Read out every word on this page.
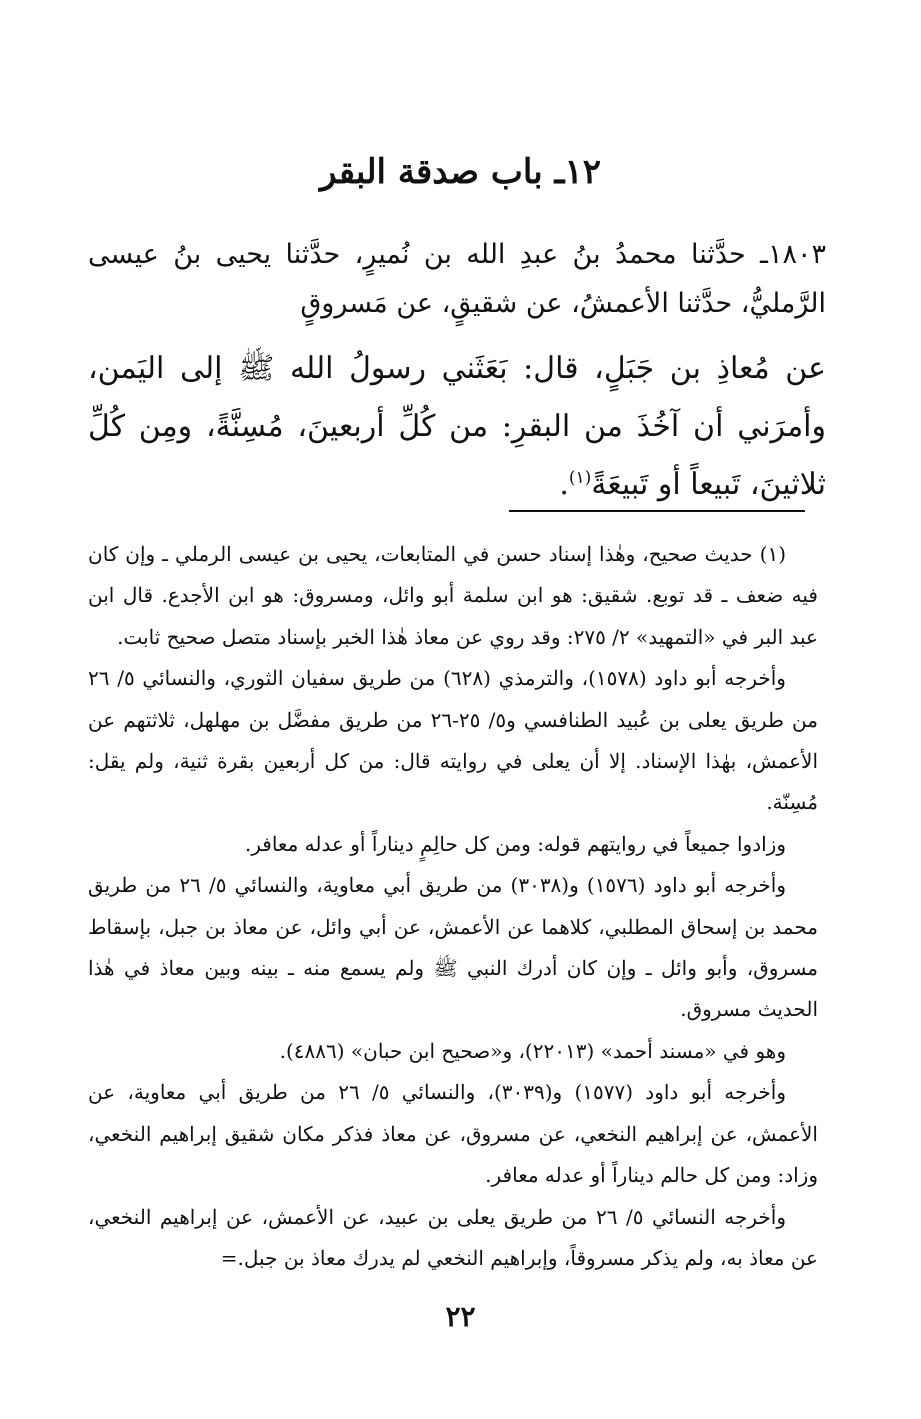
١٢ـ باب صدقة البقر

١٨٠٣ـ حدَّثنا محمدُ بنُ عبدِ الله بن نُميرٍ، حدَّثنا يحيى بنُ عيسى الرَّمليُّ، حدَّثنا الأعمشُ، عن شقيقٍ، عن مَسروقٍ

عن مُعاذِ بن جَبَلٍ، قال: بَعَثَني رسولُ الله ﷺ إلى اليَمن، وأمرَني أن آخُذَ من البقرِ: من كُلِّ أربعينَ، مُسِنَّةً، ومِن كُلِّ ثلاثينَ، تَبيعاً أو تَبيعَةً$^{(١)}$.

(١) حديث صحيح، وهٰذا إسناد حسن في المتابعات، يحيى بن عيسى الرملي ـ وإن كان فيه ضعف ـ قد توبع. شقيق: هو ابن سلمة أبو وائل، ومسروق: هو ابن الأجدع. قال ابن عبد البر في «التمهيد» ٢/ ٢٧٥: وقد روي عن معاذ هٰذا الخبر بإسناد متصل صحيح ثابت.

وأخرجه أبو داود (١٥٧٨)، والترمذي (٦٢٨) من طريق سفيان الثوري، والنسائي ٥/ ٢٦ من طريق يعلى بن عُبيد الطنافسي و٥/ ٢٥-٢٦ من طريق مفضَّل بن مهلهل، ثلاثتهم عن الأعمش، بهٰذا الإسناد. إلا أن يعلى في روايته قال: من كل أربعين بقرة ثنية، ولم يقل: مُسِنّة.

وزادوا جميعاً في روايتهم قوله: ومن كل حالِمٍ ديناراً أو عدله معافر.

وأخرجه أبو داود (١٥٧٦) و(٣٠٣٨) من طريق أبي معاوية، والنسائي ٥/ ٢٦ من طريق محمد بن إسحاق المطلبي، كلاهما عن الأعمش، عن أبي وائل، عن معاذ بن جبل، بإسقاط مسروق، وأبو وائل ـ وإن كان أدرك النبي ﷺ ولم يسمع منه ـ بينه وبين معاذ في هٰذا الحديث مسروق.

وهو في «مسند أحمد» (٢٢٠١٣)، و«صحيح ابن حبان» (٤٨٨٦).

وأخرجه أبو داود (١٥٧٧) و(٣٠٣٩)، والنسائي ٥/ ٢٦ من طريق أبي معاوية، عن الأعمش، عن إبراهيم النخعي، عن مسروق، عن معاذ فذكر مكان شقيق إبراهيم النخعي، وزاد: ومن كل حالم ديناراً أو عدله معافر.

وأخرجه النسائي ٥/ ٢٦ من طريق يعلى بن عبيد، عن الأعمش، عن إبراهيم النخعي، عن معاذ به، ولم يذكر مسروقاً، وإبراهيم النخعي لم يدرك معاذ بن جبل.=

٢٢
